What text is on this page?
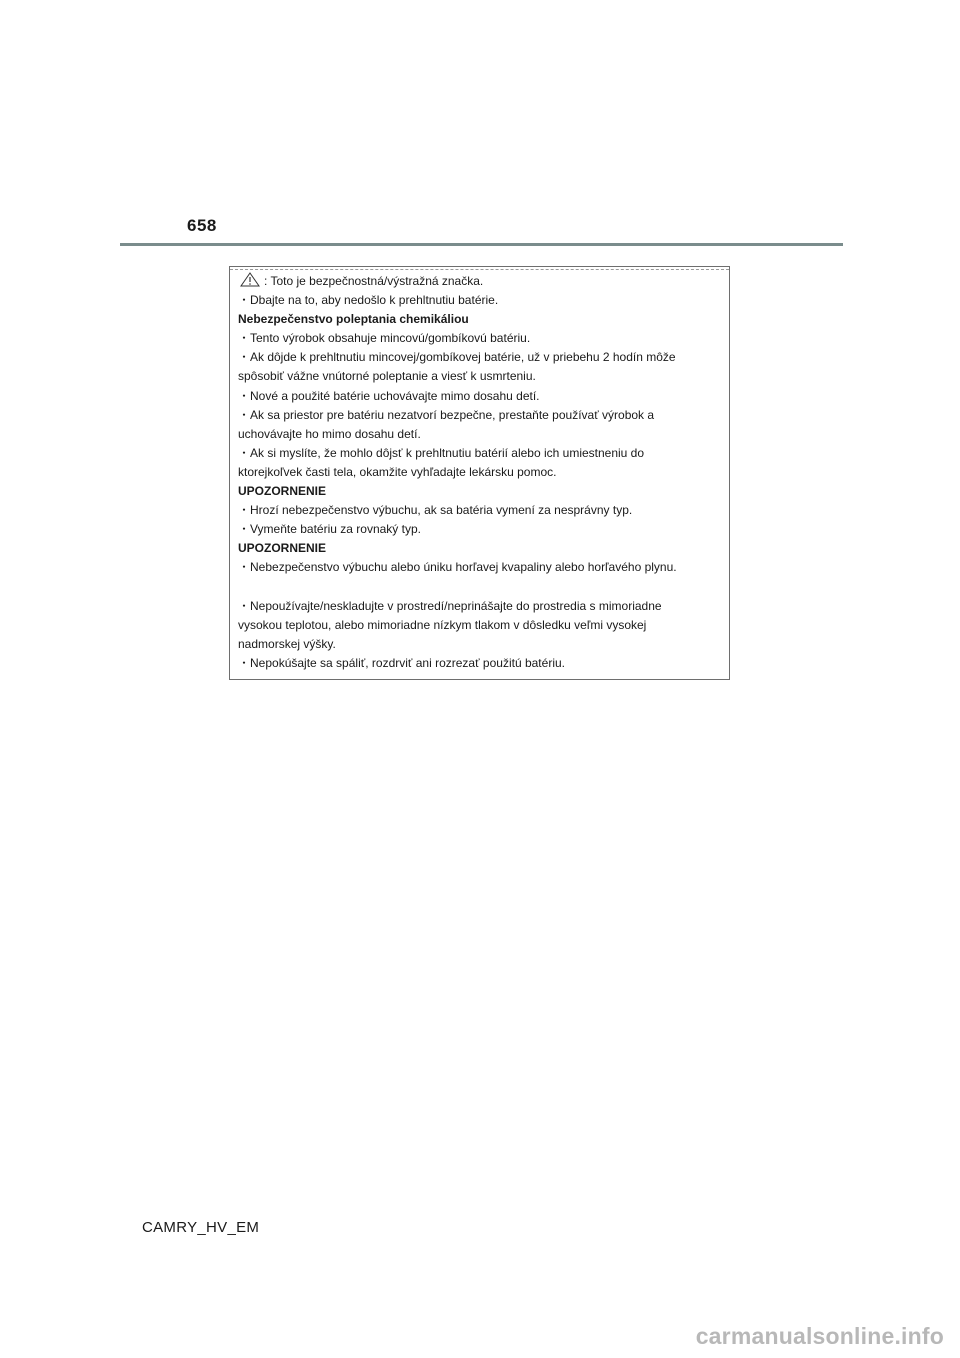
658
: Toto je bezpečnostná/výstražná značka.
・Dbajte na to, aby nedošlo k prehltnutiu batérie.
Nebezpečenstvo poleptania chemikáliou
・Tento výrobok obsahuje mincovú/gombíkovú batériu.
・Ak dôjde k prehltnutiu mincovej/gombíkovej batérie, už v priebehu 2 hodín môže
spôsobiť vážne vnútorné poleptanie a viesť k usmrteniu.
・Nové a použité batérie uchovávajte mimo dosahu detí.
・Ak sa priestor pre batériu nezatvorí bezpečne, prestaňte používať výrobok a
uchovávajte ho mimo dosahu detí.
・Ak si myslíte, že mohlo dôjsť k prehltnutiu batérií alebo ich umiestneniu do
ktorejkoľvek časti tela, okamžite vyhľadajte lekársku pomoc.
UPOZORNENIE
・Hrozí nebezpečenstvo výbuchu, ak sa batéria vymení za nesprávny typ.
・Vymeňte batériu za rovnaký typ.
UPOZORNENIE
・Nebezpečenstvo výbuchu alebo úniku horľavej kvapaliny alebo horľavého plynu.
・Nepoužívajte/neskladujte v prostredí/neprinášajte do prostredia s mimoriadne
vysokou teplotou, alebo mimoriadne nízkym tlakom v dôsledku veľmi vysokej
nadmorskej výšky.
・Nepokúšajte sa spáliť, rozdrviť ani rozrezať použitú batériu.
CAMRY_HV_EM
carmanualsonline.info
